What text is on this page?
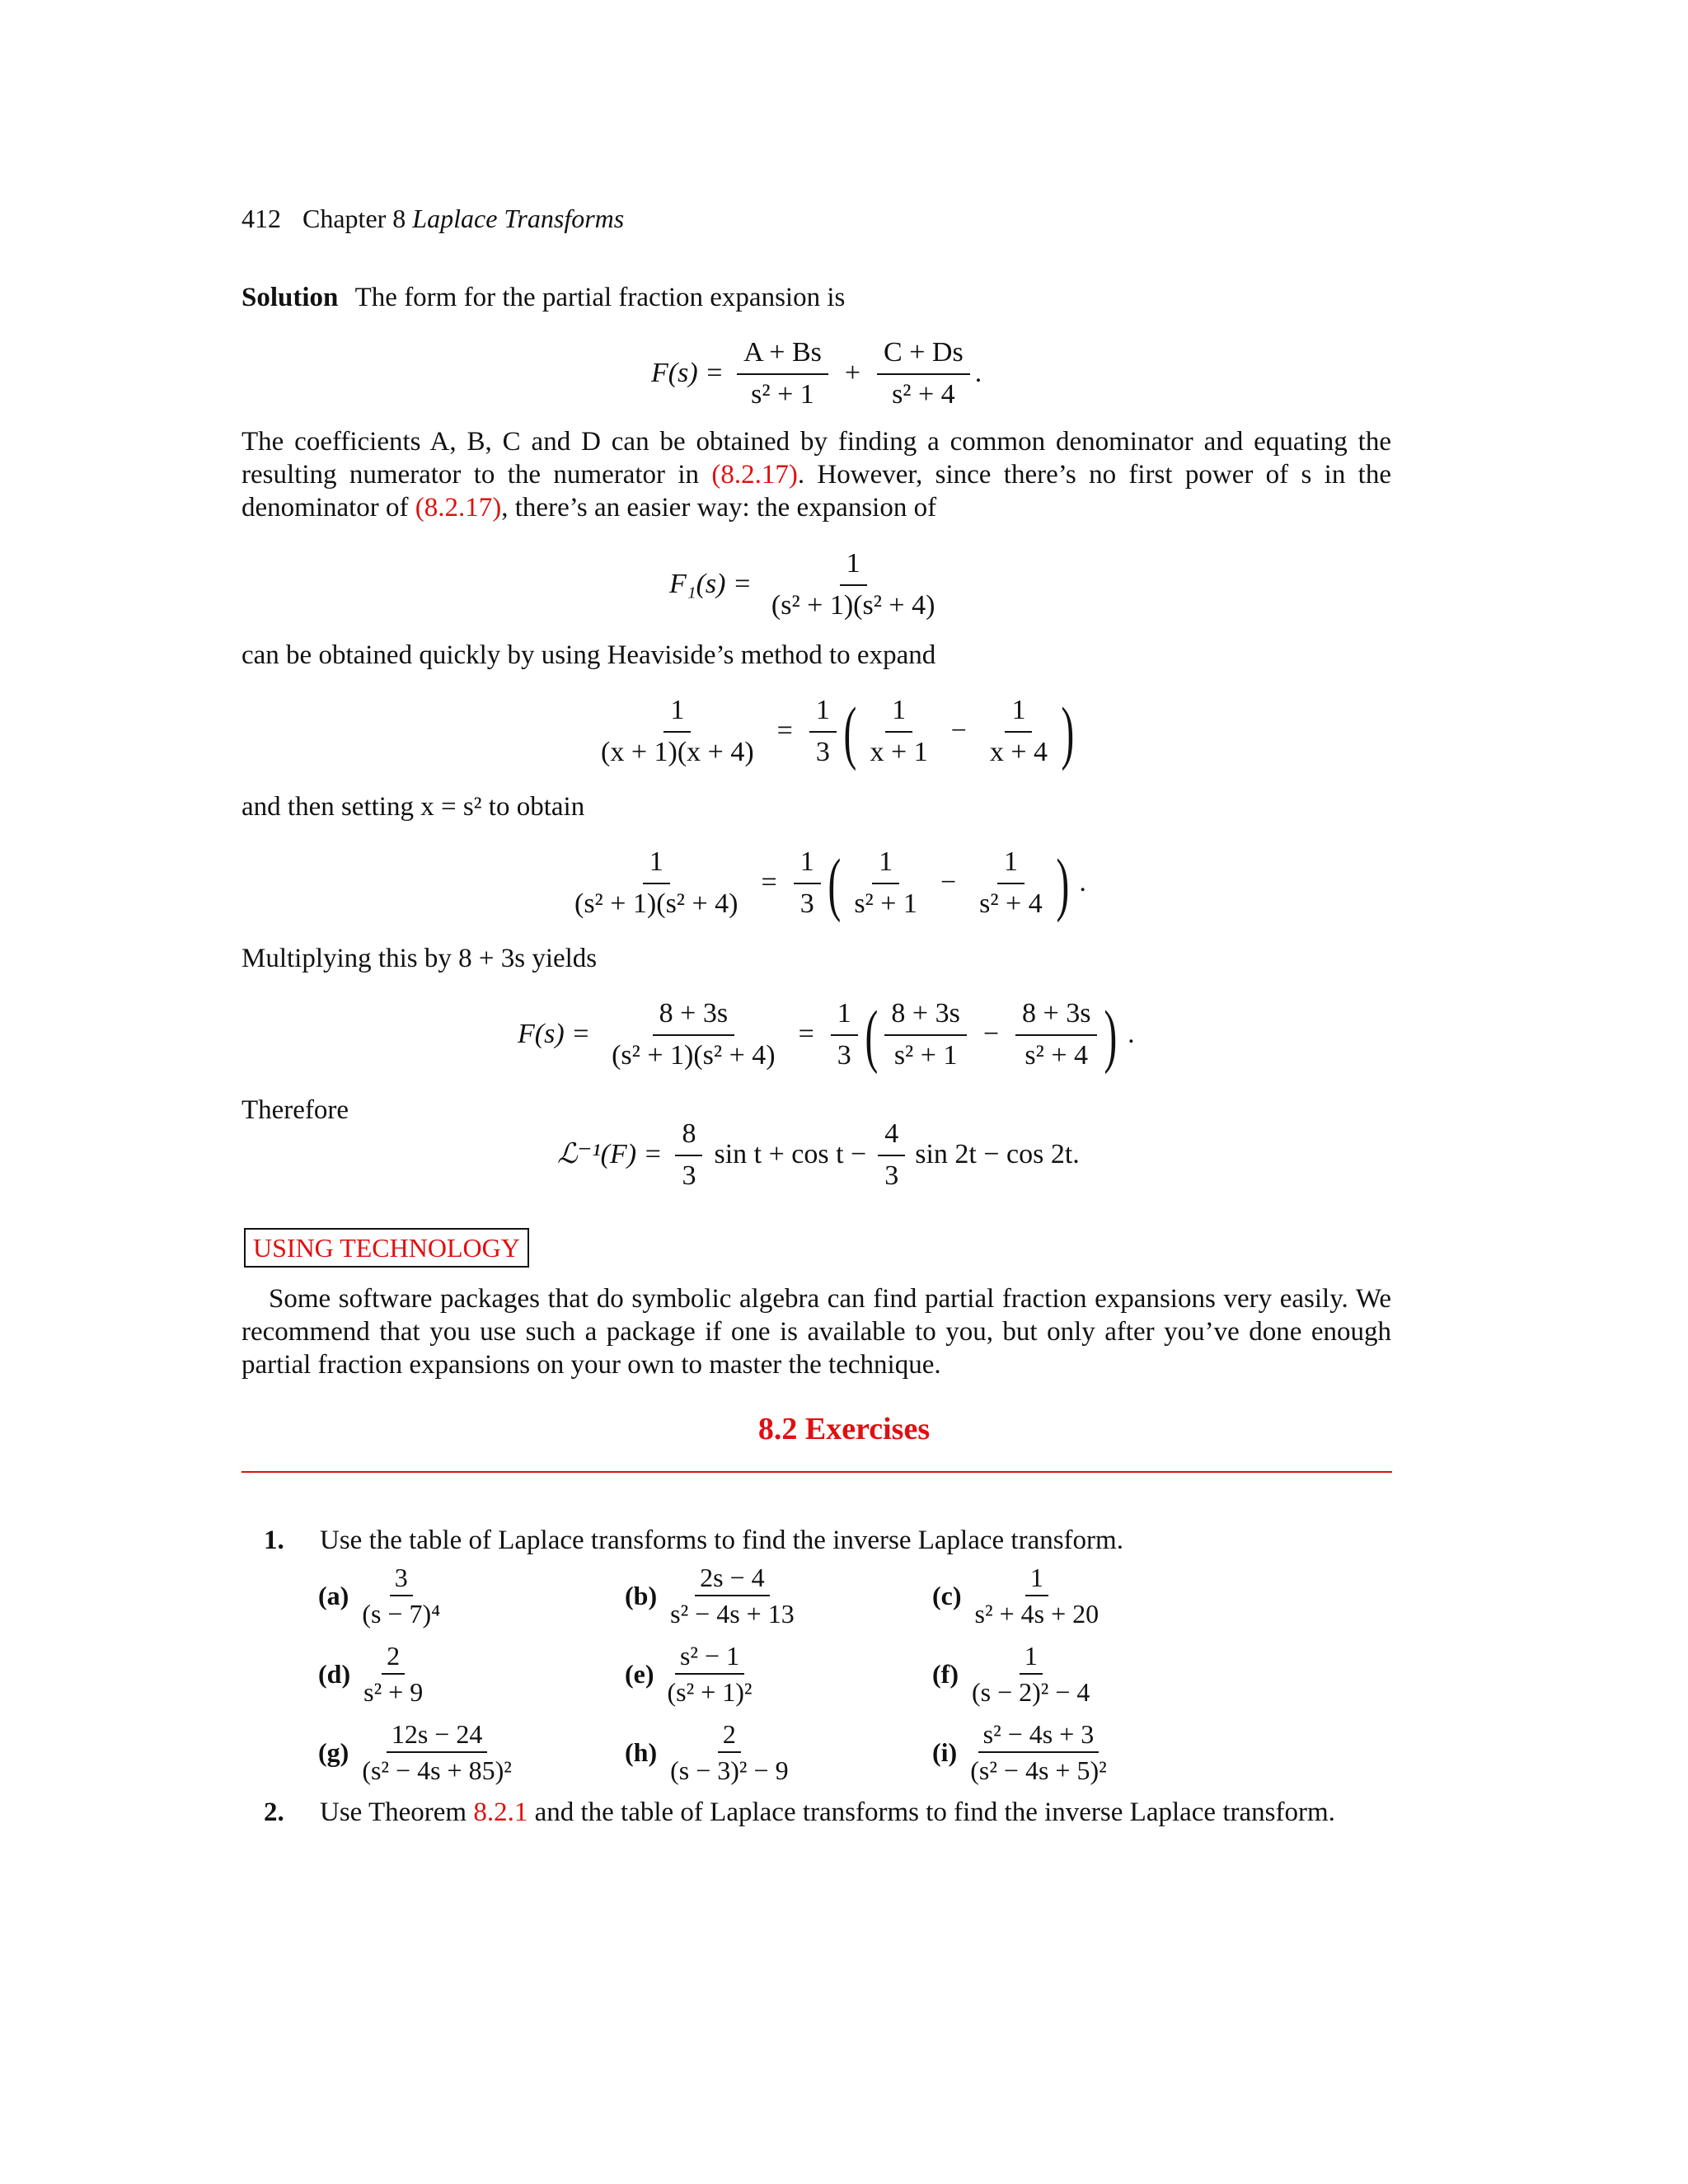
412 Chapter 8 Laplace Transforms
Solution The form for the partial fraction expansion is
$F(s) = \frac{A + Bs}{\text{s² + 1}} + \frac{C + Ds}{\text{s² + 4}}$ .
The coefficients A, B, C and D can be obtained by finding a common denominator and equating the resulting numerator to the numerator in (8.2.17). However, since there’s no first power of s in the denominator of (8.2.17), there’s an easier way: the expansion of
$F_1(s) = \frac{1}{\text{(s² + 1)(s² + 4)}}$
can be obtained quickly by using Heaviside’s method to expand
$\frac{1}{(x + 1)(x + 4)} = \frac{1}{3}$ ( $\frac{1}{x + 1} - \frac{1}{x + 4}$ )
and then setting x = s² to obtain
$\frac{1}{\text{(s² + 1)(s² + 4)}} = \frac{1}{3}$ ( $\frac{1}{\text{s² + 1}} - \frac{1}{\text{s² + 4}}$ ) .
Multiplying this by 8 + 3s yields
$F(s) = \frac{8 + 3s}{\text{(s² + 1)(s² + 4)}} = \frac{1}{3}$ ( $\frac{8 + 3s}{\text{s² + 1}} - \frac{8 + 3s}{\text{s² + 4}}$ ) .
Therefore
ℒ⁻¹(F) = $\frac{8}{3}$ $\sin t + \cos t - \frac{4}{3}$ sin 2t − cos 2t.
USING TECHNOLOGY
Some software packages that do symbolic algebra can find partial fraction expansions very easily. We recommend that you use such a package if one is available to you, but only after you’ve done enough partial fraction expansions on your own to master the technique.
8.2 Exercises
1. Use the table of Laplace transforms to find the inverse Laplace transform.
$(a) \frac{3}{\text{(s − 7)⁴}}$	$(b) \frac{2s - 4}{\text{s² − 4s + 13}}$	$(c) \frac{1}{\text{s² + 4s + 20}}$
$(d) \frac{2}{\text{s² + 9}}$	$(e) \frac{\text{s² − 1}}{\text{(s² + 1)²}}$	$(f) \frac{1}{\text{(s − 2)² − 4}}$
$(g) \frac{12s - 24}{\text{(s² − 4s + 85)²}}$	$(h) \frac{2}{\text{(s − 3)² − 9}}$	$(i) \frac{\text{s² − 4s + 3}}{\text{(s² − 4s + 5)²}}$
2. Use Theorem 8.2.1 and the table of Laplace transforms to find the inverse Laplace transform.
